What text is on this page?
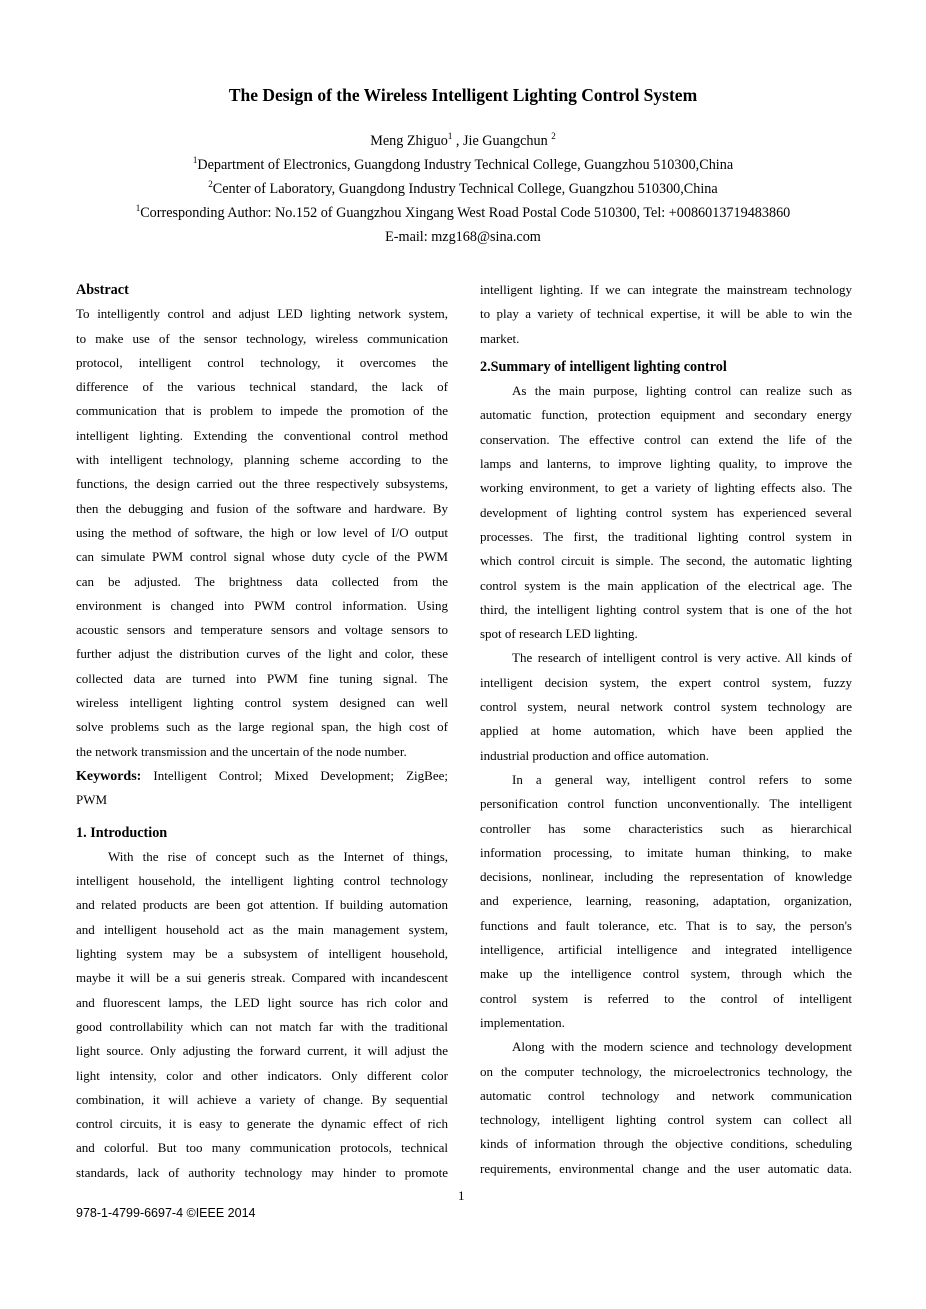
The Design of the Wireless Intelligent Lighting Control System
Meng Zhiguo$^1$ , Jie Guangchun $^2$
$^1$Department of Electronics, Guangdong Industry Technical College, Guangzhou 510300,China
$^2$Center of Laboratory, Guangdong Industry Technical College, Guangzhou 510300,China
$^1$Corresponding Author: No.152 of Guangzhou Xingang West Road Postal Code 510300, Tel: +0086013719483860
E-mail: mzg168@sina.com
Abstract
To intelligently control and adjust LED lighting network system,
to make use of the sensor technology, wireless communication
protocol, intelligent control technology, it overcomes the
difference of the various technical standard, the lack of
communication that is problem to impede the promotion of the
intelligent lighting. Extending the conventional control method
with intelligent technology, planning scheme according to the
functions, the design carried out the three respectively subsystems,
then the debugging and fusion of the software and hardware. By
using the method of software, the high or low level of I/O output
can simulate PWM control signal whose duty cycle of the PWM
can be adjusted. The brightness data collected from the
environment is changed into PWM control information. Using
acoustic sensors and temperature sensors and voltage sensors to
further adjust the distribution curves of the light and color, these
collected data are turned into PWM fine tuning signal. The
wireless intelligent lighting control system designed can well
solve problems such as the large regional span, the high cost of
the network transmission and the uncertain of the node number.
Keywords: Intelligent Control; Mixed Development; ZigBee;
PWM
1. Introduction
With the rise of concept such as the Internet of things,
intelligent household, the intelligent lighting control technology
and related products are been got attention. If building automation
and intelligent household act as the main management system,
lighting system may be a subsystem of intelligent household,
maybe it will be a sui generis streak. Compared with incandescent
and fluorescent lamps, the LED light source has rich color and
good controllability which can not match far with the traditional
light source. Only adjusting the forward current, it will adjust the
light intensity, color and other indicators. Only different color
combination, it will achieve a variety of change. By sequential
control circuits, it is easy to generate the dynamic effect of rich
and colorful. But too many communication protocols, technical
standards, lack of authority technology may hinder to promote
intelligent lighting. If we can integrate the mainstream technology
to play a variety of technical expertise, it will be able to win the
market.
2.Summary of intelligent lighting control
As the main purpose, lighting control can realize such as
automatic function, protection equipment and secondary energy
conservation. The effective control can extend the life of the
lamps and lanterns, to improve lighting quality, to improve the
working environment, to get a variety of lighting effects also. The
development of lighting control system has experienced several
processes. The first, the traditional lighting control system in
which control circuit is simple. The second, the automatic lighting
control system is the main application of the electrical age. The
third, the intelligent lighting control system that is one of the hot
spot of research LED lighting.
The research of intelligent control is very active. All kinds of
intelligent decision system, the expert control system, fuzzy
control system, neural network control system technology are
applied at home automation, which have been applied the
industrial production and office automation.
In a general way, intelligent control refers to some
personification control function unconventionally. The intelligent
controller has some characteristics such as hierarchical
information processing, to imitate human thinking, to make
decisions, nonlinear, including the representation of knowledge
and experience, learning, reasoning, adaptation, organization,
functions and fault tolerance, etc. That is to say, the person's
intelligence, artificial intelligence and integrated intelligence
make up the intelligence control system, through which the
control system is referred to the control of intelligent
implementation.
Along with the modern science and technology development
on the computer technology, the microelectronics technology, the
automatic control technology and network communication
technology, intelligent lighting control system can collect all
kinds of information through the objective conditions, scheduling
requirements, environmental change and the user automatic data.
1
978-1-4799-6697-4 ©IEEE 2014
